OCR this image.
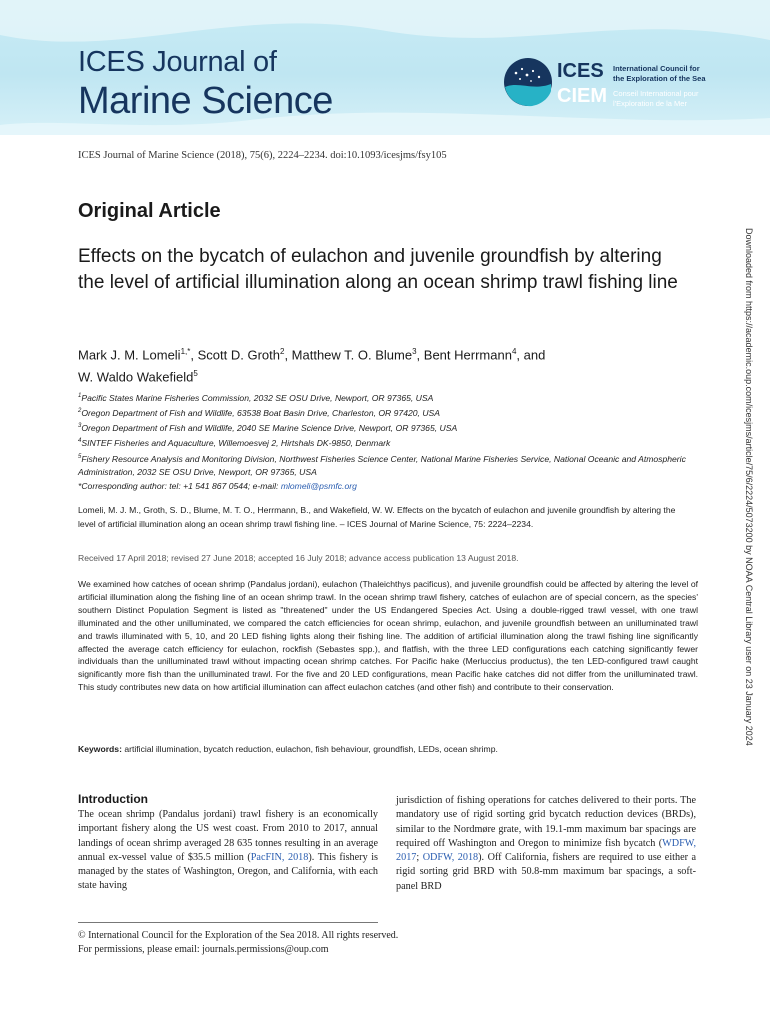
ICES Journal of
Marine Science
ICES
CIEM
International Council for
the Exploration of the Sea
Conseil International pour
l'Exploration de la Mer
ICES Journal of Marine Science (2018), 75(6), 2224–2234. doi:10.1093/icesjms/fsy105
Original Article
Effects on the bycatch of eulachon and juvenile groundfish by altering the level of artificial illumination along an ocean shrimp trawl fishing line
Mark J. M. Lomeli$^{1,*}$, Scott D. Groth$^2$, Matthew T. O. Blume$^3$, Bent Herrmann$^4$, and
W. Waldo Wakefield$^5$
$^1$Pacific States Marine Fisheries Commission, 2032 SE OSU Drive, Newport, OR 97365, USA
$^2$Oregon Department of Fish and Wildlife, 63538 Boat Basin Drive, Charleston, OR 97420, USA
$^3$Oregon Department of Fish and Wildlife, 2040 SE Marine Science Drive, Newport, OR 97365, USA
$^4$SINTEF Fisheries and Aquaculture, Willemoesvej 2, Hirtshals DK-9850, Denmark
$^5$Fishery Resource Analysis and Monitoring Division, Northwest Fisheries Science Center, National Marine Fisheries Service, National Oceanic and Atmospheric Administration, 2032 SE OSU Drive, Newport, OR 97365, USA
*Corresponding author: tel: +1 541 867 0544; e-mail: mlomeli@psmfc.org
Lomeli, M. J. M., Groth, S. D., Blume, M. T. O., Herrmann, B., and Wakefield, W. W. Effects on the bycatch of eulachon and juvenile groundfish by altering the level of artificial illumination along an ocean shrimp trawl fishing line. – ICES Journal of Marine Science, 75: 2224–2234.
Received 17 April 2018; revised 27 June 2018; accepted 16 July 2018; advance access publication 13 August 2018.
We examined how catches of ocean shrimp (Pandalus jordani), eulachon (Thaleichthys pacificus), and juvenile groundfish could be affected by altering the level of artificial illumination along the fishing line of an ocean shrimp trawl. In the ocean shrimp trawl fishery, catches of eulachon are of special concern, as the species' southern Distinct Population Segment is listed as "threatened" under the US Endangered Species Act. Using a double-rigged trawl vessel, with one trawl illuminated and the other unilluminated, we compared the catch efficiencies for ocean shrimp, eulachon, and juvenile groundfish between an unilluminated trawl and trawls illuminated with 5, 10, and 20 LED fishing lights along their fishing line. The addition of artificial illumination along the trawl fishing line significantly affected the average catch efficiency for eulachon, rockfish (Sebastes spp.), and flatfish, with the three LED configurations each catching significantly fewer individuals than the unilluminated trawl without impacting ocean shrimp catches. For Pacific hake (Merluccius productus), the ten LED-configured trawl caught significantly more fish than the unilluminated trawl. For the five and 20 LED configurations, mean Pacific hake catches did not differ from the unilluminated trawl. This study contributes new data on how artificial illumination can affect eulachon catches (and other fish) and contribute to their conservation.
Keywords: artificial illumination, bycatch reduction, eulachon, fish behaviour, groundfish, LEDs, ocean shrimp.
Introduction
The ocean shrimp (Pandalus jordani) trawl fishery is an economically important fishery along the US west coast. From 2010 to 2017, annual landings of ocean shrimp averaged 28 635 tonnes resulting in an average annual ex-vessel value of $35.5 million (PacFIN, 2018). This fishery is managed by the states of Washington, Oregon, and California, with each state having
jurisdiction of fishing operations for catches delivered to their ports. The mandatory use of rigid sorting grid bycatch reduction devices (BRDs), similar to the Nordmøre grate, with 19.1-mm maximum bar spacings are required off Washington and Oregon to minimize fish bycatch (WDFW, 2017; ODFW, 2018). Off California, fishers are required to use either a rigid sorting grid BRD with 50.8-mm maximum bar spacings, a soft-panel BRD
© International Council for the Exploration of the Sea 2018. All rights reserved.
For permissions, please email: journals.permissions@oup.com
Downloaded from https://academic.oup.com/icesjms/article/75/6/2224/5073200 by NOAA Central Library user on 23 January 2024
